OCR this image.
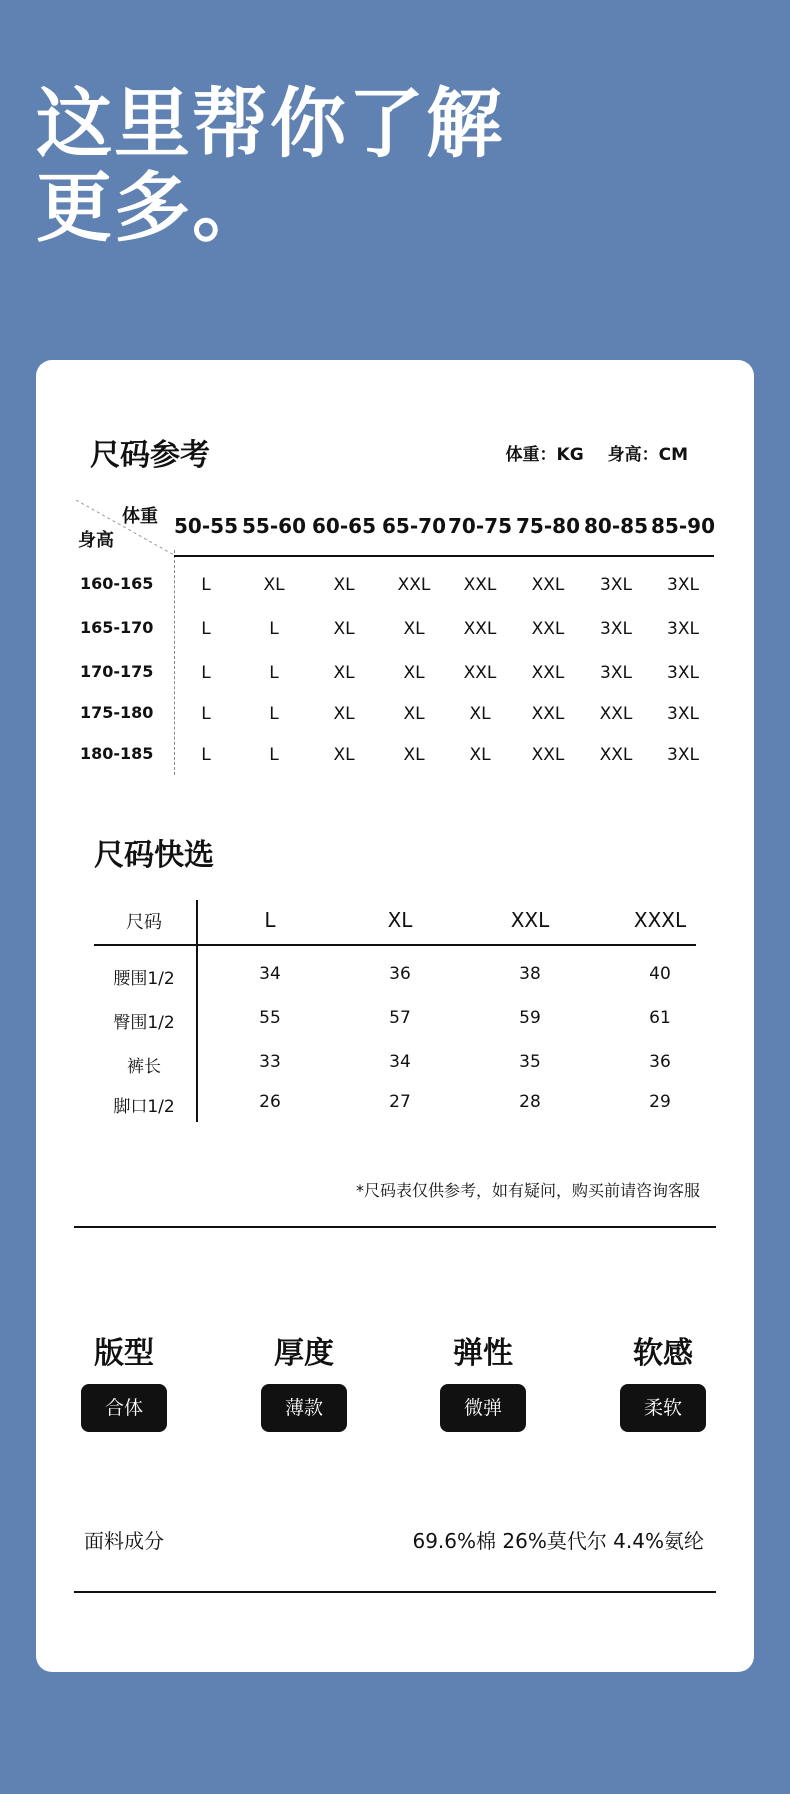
这里帮你了解
更多。
尺码参考	体重：KG 身高：CM
体重
身高
50-55 55-60 60-65 65-70 70-75 75-80 80-85 85-90
160-165	L	XL	XL	XXL XXL XXL 3XL 3XL
165-170	L	L	XL	XL XXL XXL 3XL 3XL
170-175	L	L	XL	XL XXL XXL 3XL 3XL
175-180	L	L	XL	XL	XL XXL XXL 3XL
180-185	L	L	XL	XL	XL XXL XXL 3XL
尺码快选
尺码	L	XL	XXL	XXXL
腰围1/2	34	36	38	40
臀围1/2	55	57	59	61
裤长	33	34	35	36
脚口1/2	26	27	28	29
*尺码表仅供参考，如有疑问，购买前请咨询客服
版型
合体
厚度
薄款
弹性
微弹
软感
柔软
面料成分	69.6%棉 26%莫代尔 4.4%氨纶
